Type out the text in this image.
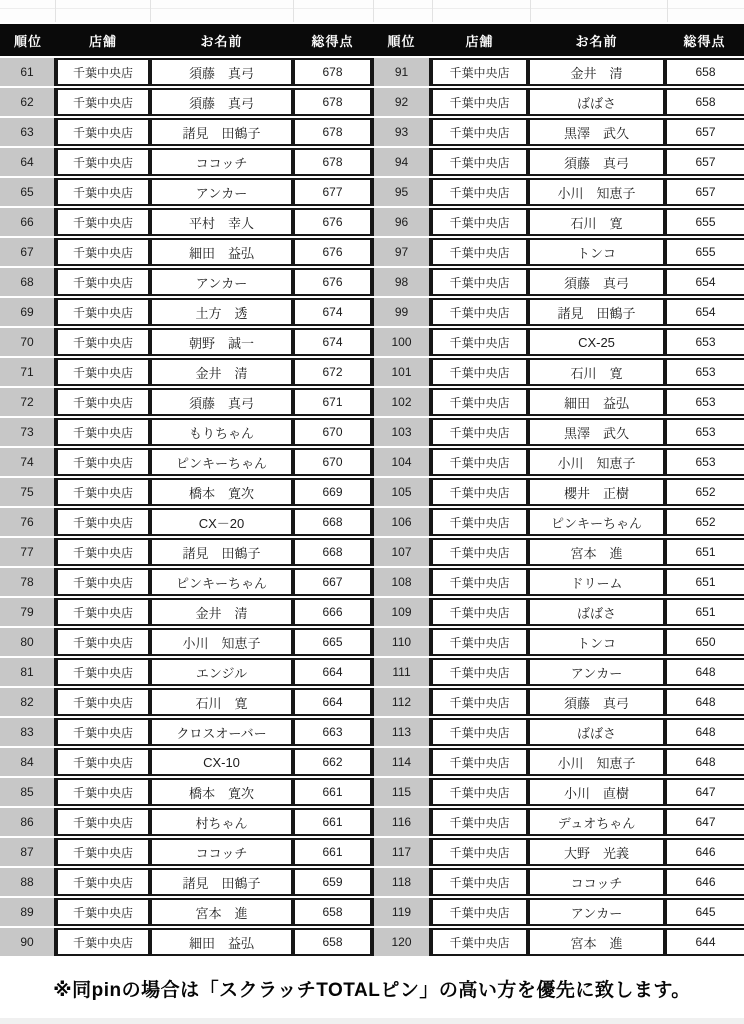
順位	店舗	お名前	総得点
61	千葉中央店	須藤　真弓	678
62	千葉中央店	須藤　真弓	678
63	千葉中央店	諸見　田鶴子	678
64	千葉中央店	ココッチ	678
65	千葉中央店	アンカー	677
66	千葉中央店	平村　幸人	676
67	千葉中央店	細田　益弘	676
68	千葉中央店	アンカー	676
69	千葉中央店	土方　透	674
70	千葉中央店	朝野　誠一	674
71	千葉中央店	金井　清	672
72	千葉中央店	須藤　真弓	671
73	千葉中央店	もりちゃん	670
74	千葉中央店	ピンキーちゃん	670
75	千葉中央店	橋本　寛次	669
76	千葉中央店	CX－20	668
77	千葉中央店	諸見　田鶴子	668
78	千葉中央店	ピンキーちゃん	667
79	千葉中央店	金井　清	666
80	千葉中央店	小川　知恵子	665
81	千葉中央店	エンジル	664
82	千葉中央店	石川　寛	664
83	千葉中央店	クロスオーバー	663
84	千葉中央店	CX-10	662
85	千葉中央店	橋本　寛次	661
86	千葉中央店	村ちゃん	661
87	千葉中央店	ココッチ	661
88	千葉中央店	諸見　田鶴子	659
89	千葉中央店	宮本　進	658
90	千葉中央店	細田　益弘	658
順位	店舗	お名前	総得点
91	千葉中央店	金井　清	658
92	千葉中央店	ばばさ	658
93	千葉中央店	黒澤　武久	657
94	千葉中央店	須藤　真弓	657
95	千葉中央店	小川　知恵子	657
96	千葉中央店	石川　寛	655
97	千葉中央店	トンコ	655
98	千葉中央店	須藤　真弓	654
99	千葉中央店	諸見　田鶴子	654
100	千葉中央店	CX-25	653
101	千葉中央店	石川　寛	653
102	千葉中央店	細田　益弘	653
103	千葉中央店	黒澤　武久	653
104	千葉中央店	小川　知恵子	653
105	千葉中央店	櫻井　正樹	652
106	千葉中央店	ピンキーちゃん	652
107	千葉中央店	宮本　進	651
108	千葉中央店	ドリーム	651
109	千葉中央店	ばばさ	651
110	千葉中央店	トンコ	650
111	千葉中央店	アンカー	648
112	千葉中央店	須藤　真弓	648
113	千葉中央店	ばばさ	648
114	千葉中央店	小川　知恵子	648
115	千葉中央店	小川　直樹	647
116	千葉中央店	デュオちゃん	647
117	千葉中央店	大野　光義	646
118	千葉中央店	ココッチ	646
119	千葉中央店	アンカー	645
120	千葉中央店	宮本　進	644
※同pinの場合は「スクラッチTOTALピン」の高い方を優先に致します。
